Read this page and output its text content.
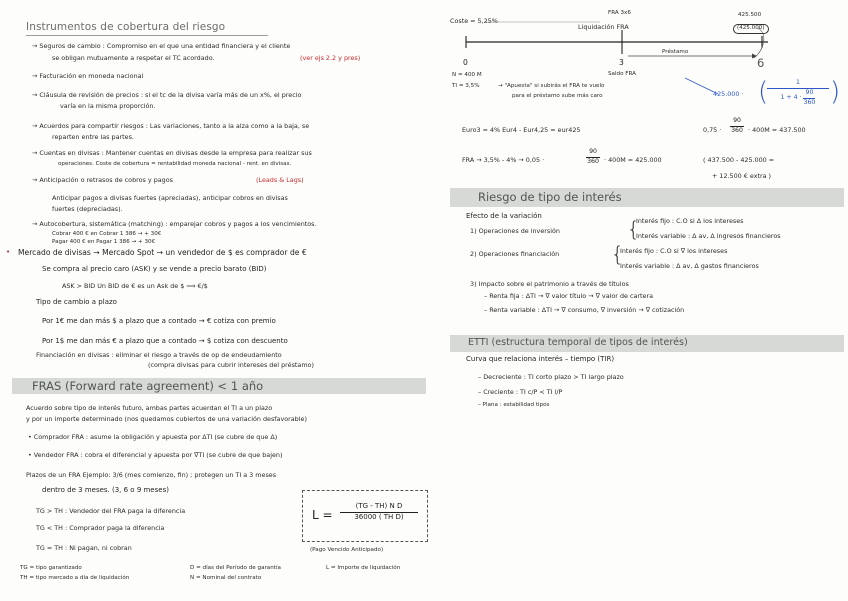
Instrumentos de cobertura del riesgo
→ Seguros de cambio : Compromiso en el que una entidad financiera y el cliente
se obligan mutuamente a respetar el TC acordado.	(ver ejs 2.2 y pres)
→ Facturación en moneda nacional
→ Cláusula de revisión de precios : si el tc de la divisa varía más de un x%, el precio
varía en la misma proporción.
→ Acuerdos para compartir riesgos : Las variaciones, tanto a la alza como a la baja, se
reparten entre las partes.
→ Cuentas en divisas : Mantener cuentas en divisas desde la empresa para realizar sus
operaciones. Coste de cobertura = rentabilidad moneda nacional - rent. en divisas.
→ Anticipación o retrasos de cobros y pagos	(Leads & Lags)
Anticipar pagos a divisas fuertes (apreciadas), anticipar cobros en divisas
fuertes (depreciadas).
→ Autocobertura, sistemática (matching) : emparejar cobros y pagos a los vencimientos.
Cobrar 400 € en Cobrar 1 386 → + 30€
Pagar 400 € en Pagar 1 386 → + 30€
• Mercado de divisas → Mercado Spot → un vendedor de $ es comprador de €
Se compra al precio caro (ASK) y se vende a precio barato (BID)
ASK > BID Un BID de € es un Ask de $ ⟹ €/$
Tipo de cambio a plazo
Por 1€ me dan más $ a plazo que a contado → € cotiza con premio
Por 1$ me dan más € a plazo que a contado → $ cotiza con descuento
Financiación en divisas : eliminar el riesgo a través de op de endeudamiento
(compra divisas para cubrir intereses del préstamo)
FRAS (Forward rate agreement) < 1 año
Acuerdo sobre tipo de interés futuro, ambas partes acuerdan el TI a un plazo
y por un importe determinado (nos quedamos cubiertos de una variación desfavorable)
• Comprador FRA : asume la obligación y apuesta por ΔTI (se cubre de que Δ)
• Vendedor FRA : cobra el diferencial y apuesta por ∇TI (se cubre de que bajen)
Plazos de un FRA Ejemplo: 3/6 (mes comienzo, fin) ; protegen un TI a 3 meses
dentro de 3 meses. (3, 6 o 9 meses)
TG > TH : Vendedor del FRA paga la diferencia
TG < TH : Comprador paga la diferencia
TG = TH : Ni pagan, ni cobran
L =
(TG - TH) N D
36000 ( TH D)
(Pago Vencido Anticipado)
TG = tipo garantizado
TH = tipo mercado a día de liquidación
D = días del Período de garantía
N = Nominal del contrato
L = Importe de liquidación
Coste = 5,25%
FRA 3x6
Liquidación FRA
425.500
(425.000)
0	3	6
Préstamo
Saldo FRA
N = 400 M
TI = 3,5%	→ "Apuesta" si subirás el FRA te vuelo
para el préstamo sube más caro	425.000 · (	1
1 + 4 ·
90
360 )
Euro3 = 4% Eur4 - Eur4,25 = eur425	0,75 ·
90
360 · 400M = 437.500
FRA → 3,5% - 4% → 0,05 ·
90
360 · 400M = 425.000	( 437.500 - 425.000 =
+ 12.500 € extra )
Riesgo de tipo de interés
Efecto de la variación
1) Operaciones de inversión	{
Interés fijo : C.O si Δ los intereses
Interés variable : Δ av, Δ ingresos financieros
2) Operaciones financiación	{
Interés fijo : C.O si ∇ los intereses
Interés variable : Δ av, Δ gastos financieros
3) Impacto sobre el patrimonio a través de títulos
– Renta fija : ΔTI → ∇ valor título → ∇ valor de cartera
– Renta variable : ΔTI → ∇ consumo, ∇ inversión → ∇ cotización
ETTI (estructura temporal de tipos de interés)
Curva que relaciona interés – tiempo (TIR)
– Decreciente : TI corto plazo > TI largo plazo
– Creciente : TI c/P < TI l/P
– Plana : estabilidad tipos
